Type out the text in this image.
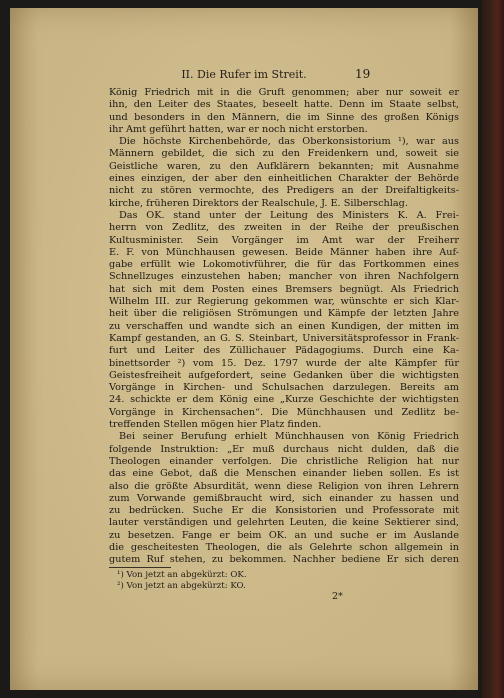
II. Die Rufer im Streit.	19
König Friedrich mit in die Gruft genommen; aber nur soweit er
ihn, den Leiter des Staates, beseelt hatte. Denn im Staate selbst,
und besonders in den Männern, die im Sinne des großen Königs
ihr Amt geführt hatten, war er noch nicht erstorben.
Die höchste Kirchenbehörde, das Oberkonsistorium ¹), war aus
Männern gebildet, die sich zu den Freidenkern und, soweit sie
Geistliche waren, zu den Aufklärern bekannten; mit Ausnahme
eines einzigen, der aber den einheitlichen Charakter der Behörde
nicht zu stören vermochte, des Predigers an der Dreifaltigkeits-
kirche, früheren Direktors der Realschule, J. E. Silberschlag.
Das OK. stand unter der Leitung des Ministers K. A. Frei-
herrn von Zedlitz, des zweiten in der Reihe der preußischen
Kultusminister. Sein Vorgänger im Amt war der Freiherr
E. F. von Münchhausen gewesen. Beide Männer haben ihre Auf-
gabe erfüllt wie Lokomotivführer, die für das Fortkommen eines
Schnellzuges einzustehen haben; mancher von ihren Nachfolgern
hat sich mit dem Posten eines Bremsers begnügt. Als Friedrich
Wilhelm III. zur Regierung gekommen war, wünschte er sich Klar-
heit über die religiösen Strömungen und Kämpfe der letzten Jahre
zu verschaffen und wandte sich an einen Kundigen, der mitten im
Kampf gestanden, an G. S. Steinbart, Universitätsprofessor in Frank-
furt und Leiter des Züllichauer Pädagogiums. Durch eine Ka-
binettsorder ²) vom 15. Dez. 1797 wurde der alte Kämpfer für
Geistesfreiheit aufgefordert, seine Gedanken über die wichtigsten
Vorgänge in Kirchen- und Schulsachen darzulegen. Bereits am
24. schickte er dem König eine „Kurze Geschichte der wichtigsten
Vorgänge in Kirchensachen“. Die Münchhausen und Zedlitz be-
treffenden Stellen mögen hier Platz finden.
Bei seiner Berufung erhielt Münchhausen von König Friedrich
folgende Instruktion: „Er muß durchaus nicht dulden, daß die
Theologen einander verfolgen. Die christliche Religion hat nur
das eine Gebot, daß die Menschen einander lieben sollen. Es ist
also die größte Absurdität, wenn diese Religion von ihren Lehrern
zum Vorwande gemißbraucht wird, sich einander zu hassen und
zu bedrücken. Suche Er die Konsistorien und Professorate mit
lauter verständigen und gelehrten Leuten, die keine Sektierer sind,
zu besetzen. Fange er beim OK. an und suche er im Auslande
die gescheitesten Theologen, die als Gelehrte schon allgemein in
gutem Ruf stehen, zu bekommen. Nachher bediene Er sich deren
¹) Von jetzt an abgekürzt: OK.
²) Von jetzt an abgekürzt: KO.
2*
